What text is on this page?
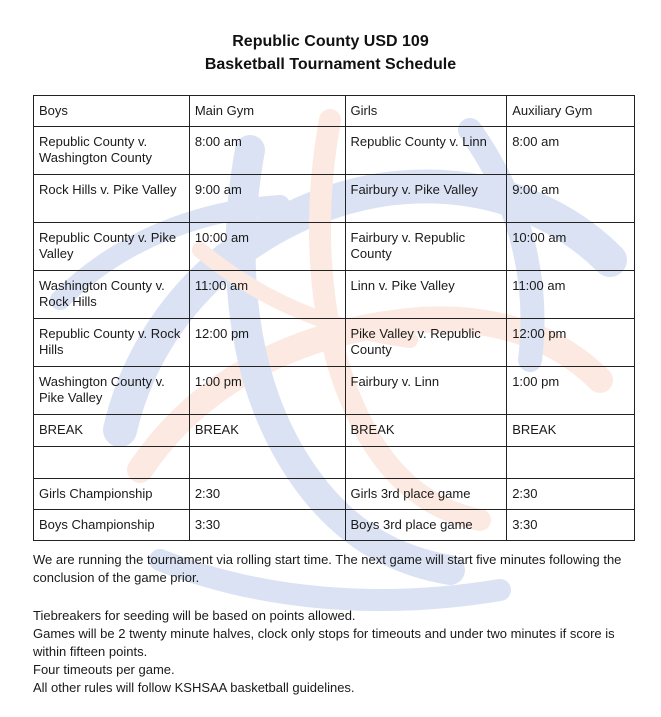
Republic County USD 109
Basketball Tournament Schedule
Boys	Main Gym	Girls	Auxiliary Gym
Republic County v. Washington County	8:00 am	Republic County v. Linn	8:00 am
Rock Hills v. Pike Valley	9:00 am	Fairbury v. Pike Valley	9:00 am
Republic County v. Pike Valley	10:00 am	Fairbury v. Republic County	10:00 am
Washington County v. Rock Hills	11:00 am	Linn v. Pike Valley	11:00 am
Republic County v. Rock Hills	12:00 pm	Pike Valley v. Republic County	12:00 pm
Washington County v. Pike Valley	1:00 pm	Fairbury v. Linn	1:00 pm
BREAK	BREAK	BREAK	BREAK

Girls Championship	2:30	Girls 3rd place game	2:30
Boys Championship	3:30	Boys 3rd place game	3:30

We are running the tournament via rolling start time. The next game will start five minutes following the conclusion of the game prior.

Tiebreakers for seeding will be based on points allowed.

Games will be 2 twenty minute halves, clock only stops for timeouts and under two minutes if score is within fifteen points.

Four timeouts per game.

All other rules will follow KSHSAA basketball guidelines.
